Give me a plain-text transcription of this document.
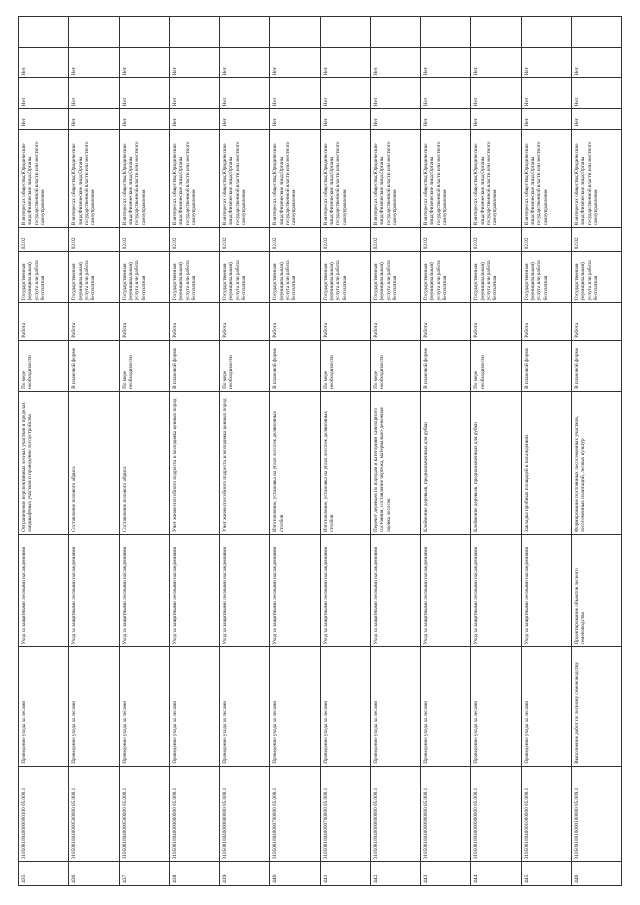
435	31050810040000000100 05.008.1	Проведение ухода за лесами	Уход за защитными лесными насаждениями	Отграничение перспективных лесных участков в пределах ландшафтных участков и проведение лесоустройства	По мере необходимости	Работа	Государственная (муниципальная) услуга или работа бесплатная	02.02	В интересах общества;Юридические лица;Физические лица;Органы государственной власти или местного самоуправления	Нет	Нет	Нет	
436	31050810040000500000 05.008.1	Проведение ухода за лесами	Уход за защитными лесными насаждениями	Составление полевого абриса	В плановой форме	Работа	Государственная (муниципальная) услуга или работа бесплатная	02.02	В интересах общества;Юридические лица;Физические лица;Органы государственной власти или местного самоуправления	Нет	Нет	Нет	
437	31050810040000500000 05.008.1	Проведение ухода за лесами	Уход за защитными лесными насаждениями	Составление полевого абриса	По мере необходимости	Работа	Государственная (муниципальная) услуга или работа бесплатная	02.02	В интересах общества;Юридические лица;Физические лица;Органы государственной власти или местного самоуправления	Нет	Нет	Нет	
438	31050810040000600000 05.008.1	Проведение ухода за лесами	Уход за защитными лесными насаждениями	Учет жизнеспособного подроста и молодняка ценных пород	В плановой форме	Работа	Государственная (муниципальная) услуга или работа бесплатная	02.02	В интересах общества;Юридические лица;Физические лица;Органы государственной власти или местного самоуправления	Нет	Нет	Нет	
439	31050810040000600000 05.008.1	Проведение ухода за лесами	Уход за защитными лесными насаждениями	Учет жизнеспособного подроста и молодняка ценных пород	По мере необходимости	Работа	Государственная (муниципальная) услуга или работа бесплатная	02.02	В интересах общества;Юридические лица;Физические лица;Органы государственной власти или местного самоуправления	Нет	Нет	Нет	
440	31050810040000700000 05.008.1	Проведение ухода за лесами	Уход за защитными лесными насаждениями	Изготовление, установка на углах лесосек деляночных столбов	В плановой форме	Работа	Государственная (муниципальная) услуга или работа бесплатная	02.02	В интересах общества;Юридические лица;Физические лица;Органы государственной власти или местного самоуправления	Нет	Нет	Нет	
441	31050810040000700000 05.008.1	Проведение ухода за лесами	Уход за защитными лесными насаждениями	Изготовление, установка на углах лесосек деляночных столбов	По мере необходимости	Работа	Государственная (муниципальная) услуга или работа бесплатная	02.02	В интересах общества;Юридические лица;Физические лица;Органы государственной власти или местного самоуправления	Нет	Нет	Нет	
442	31050810040000800000 05.008.1	Проведение ухода за лесами	Уход за защитными лесными насаждениями	Перечет деревьев по породам и категориям санитарного состояния, составление чертежа, материально-денежная оценка лесосек	По мере необходимости	Работа	Государственная (муниципальная) услуга или работа бесплатная	02.02	В интересах общества;Юридические лица;Физические лица;Органы государственной власти или местного самоуправления	Нет	Нет	Нет	
443	31050810040000900000 05.008.1	Проведение ухода за лесами	Уход за защитными лесными насаждениями	Клеймение деревьев, предназначенных для рубки	В плановой форме	Работа	Государственная (муниципальная) услуга или работа бесплатная	02.02	В интересах общества;Юридические лица;Физические лица;Органы государственной власти или местного самоуправления	Нет	Нет	Нет	
444	31050810040000900000 05.008.1	Проведение ухода за лесами	Уход за защитными лесными насаждениями	Клеймение деревьев, предназначенных для рубки	По мере необходимости	Работа	Государственная (муниципальная) услуга или работа бесплатная	02.02	В интересах общества;Юридические лица;Физические лица;Органы государственной власти или местного самоуправления	Нет	Нет	Нет	
445	31050810040001000000 05.008.1	Проведение ухода за лесами	Уход за защитными лесными насаждениями	Закладка пробных площадей в насаждениях	В плановой форме	Работа	Государственная (муниципальная) услуга или работа бесплатная	02.02	В интересах общества;Юридические лица;Физические лица;Органы государственной власти или местного самоуправления	Нет	Нет	Нет	
446	31050910010000100000 05.009.1	Выполнение работ по лесному семеноводству	Проектирование объектов лесного семеноводства	Формирование постоянных лесосеменных участков, лесосеменных плантаций, лесных культур	В плановой форме	Работа	Государственная (муниципальная) услуга или работа бесплатная	02.02	В интересах общества;Юридические лица;Физические лица;Органы государственной власти или местного самоуправления	Нет	Нет	Нет	
